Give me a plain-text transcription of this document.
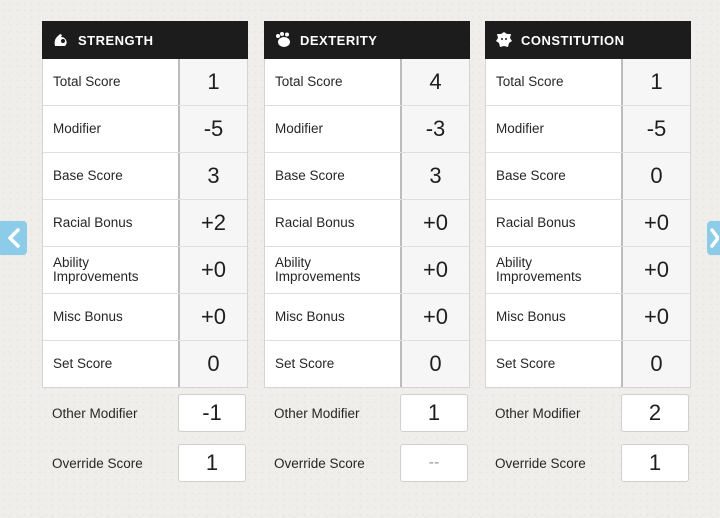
STRENGTH
Total Score	1
Modifier	-5
Base Score	3
Racial Bonus	+2
Ability Improvements	+0
Misc Bonus	+0
Set Score	0
Other Modifier	-1
Override Score	1
DEXTERITY
Total Score	4
Modifier	-3
Base Score	3
Racial Bonus	+0
Ability Improvements	+0
Misc Bonus	+0
Set Score	0
Other Modifier	1
Override Score	--
CONSTITUTION
Total Score	1
Modifier	-5
Base Score	0
Racial Bonus	+0
Ability Improvements	+0
Misc Bonus	+0
Set Score	0
Other Modifier	2
Override Score	1
